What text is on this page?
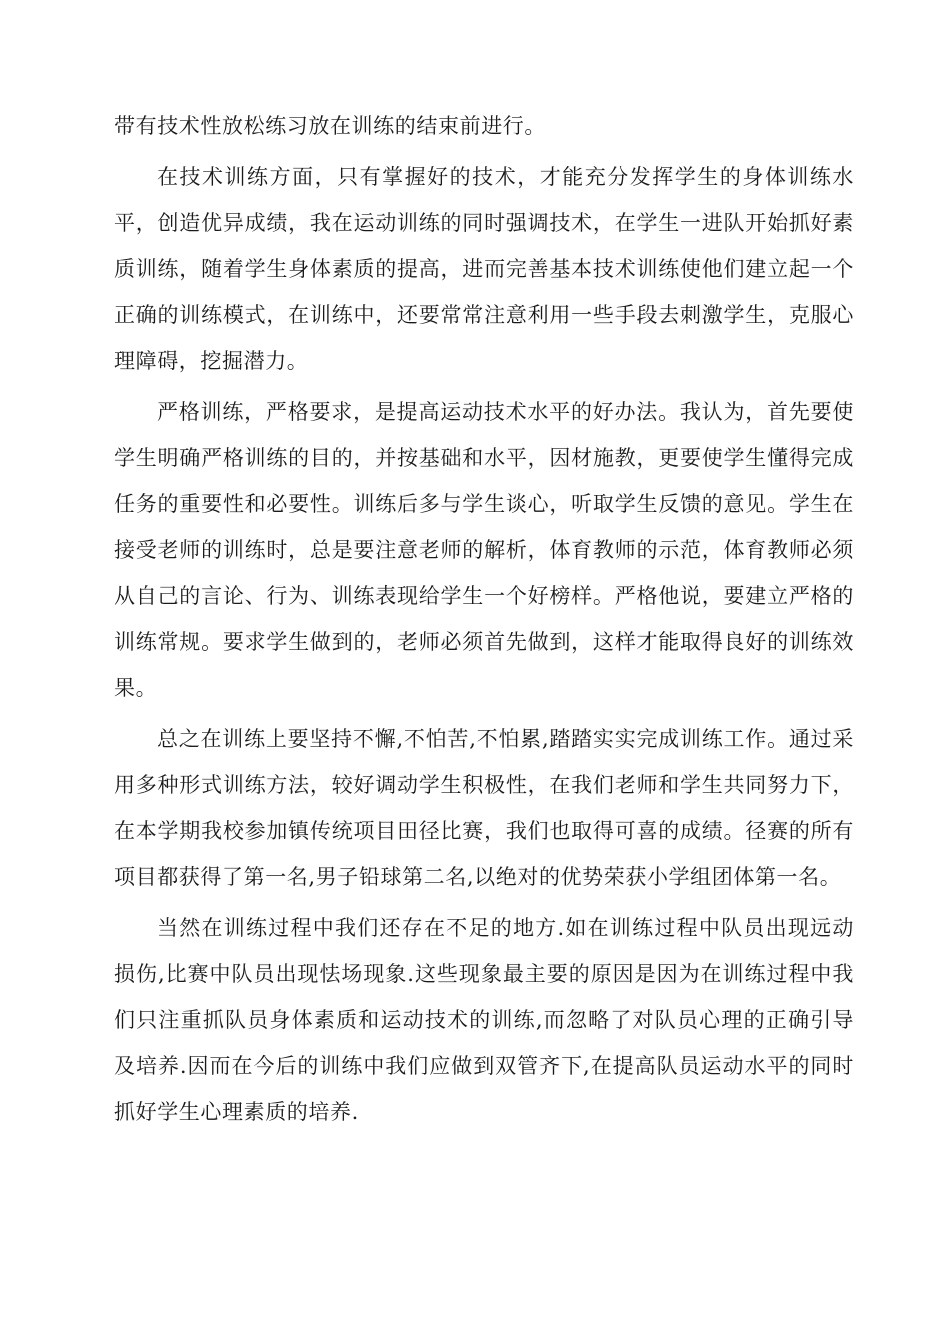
带有技术性放松练习放在训练的结束前进行。

在技术训练方面，只有掌握好的技术，才能充分发挥学生的身体训练水平，创造优异成绩，我在运动训练的同时强调技术，在学生一进队开始抓好素质训练，随着学生身体素质的提高，进而完善基本技术训练使他们建立起一个正确的训练模式，在训练中，还要常常注意利用一些手段去刺激学生，克服心理障碍，挖掘潜力。

严格训练，严格要求，是提高运动技术水平的好办法。我认为，首先要使学生明确严格训练的目的，并按基础和水平，因材施教，更要使学生懂得完成任务的重要性和必要性。训练后多与学生谈心，听取学生反馈的意见。学生在接受老师的训练时，总是要注意老师的解析，体育教师的示范，体育教师必须从自己的言论、行为、训练表现给学生一个好榜样。严格他说，要建立严格的训练常规。要求学生做到的，老师必须首先做到，这样才能取得良好的训练效果。

总之在训练上要坚持不懈,不怕苦,不怕累,踏踏实实完成训练工作。通过采用多种形式训练方法，较好调动学生积极性，在我们老师和学生共同努力下，在本学期我校参加镇传统项目田径比赛，我们也取得可喜的成绩。径赛的所有项目都获得了第一名,男子铅球第二名,以绝对的优势荣获小学组团体第一名。

当然在训练过程中我们还存在不足的地方.如在训练过程中队员出现远动损伤,比赛中队员出现怯场现象.这些现象最主要的原因是因为在训练过程中我们只注重抓队员身体素质和运动技术的训练,而忽略了对队员心理的正确引导及培养.因而在今后的训练中我们应做到双管齐下,在提高队员运动水平的同时抓好学生心理素质的培养.
